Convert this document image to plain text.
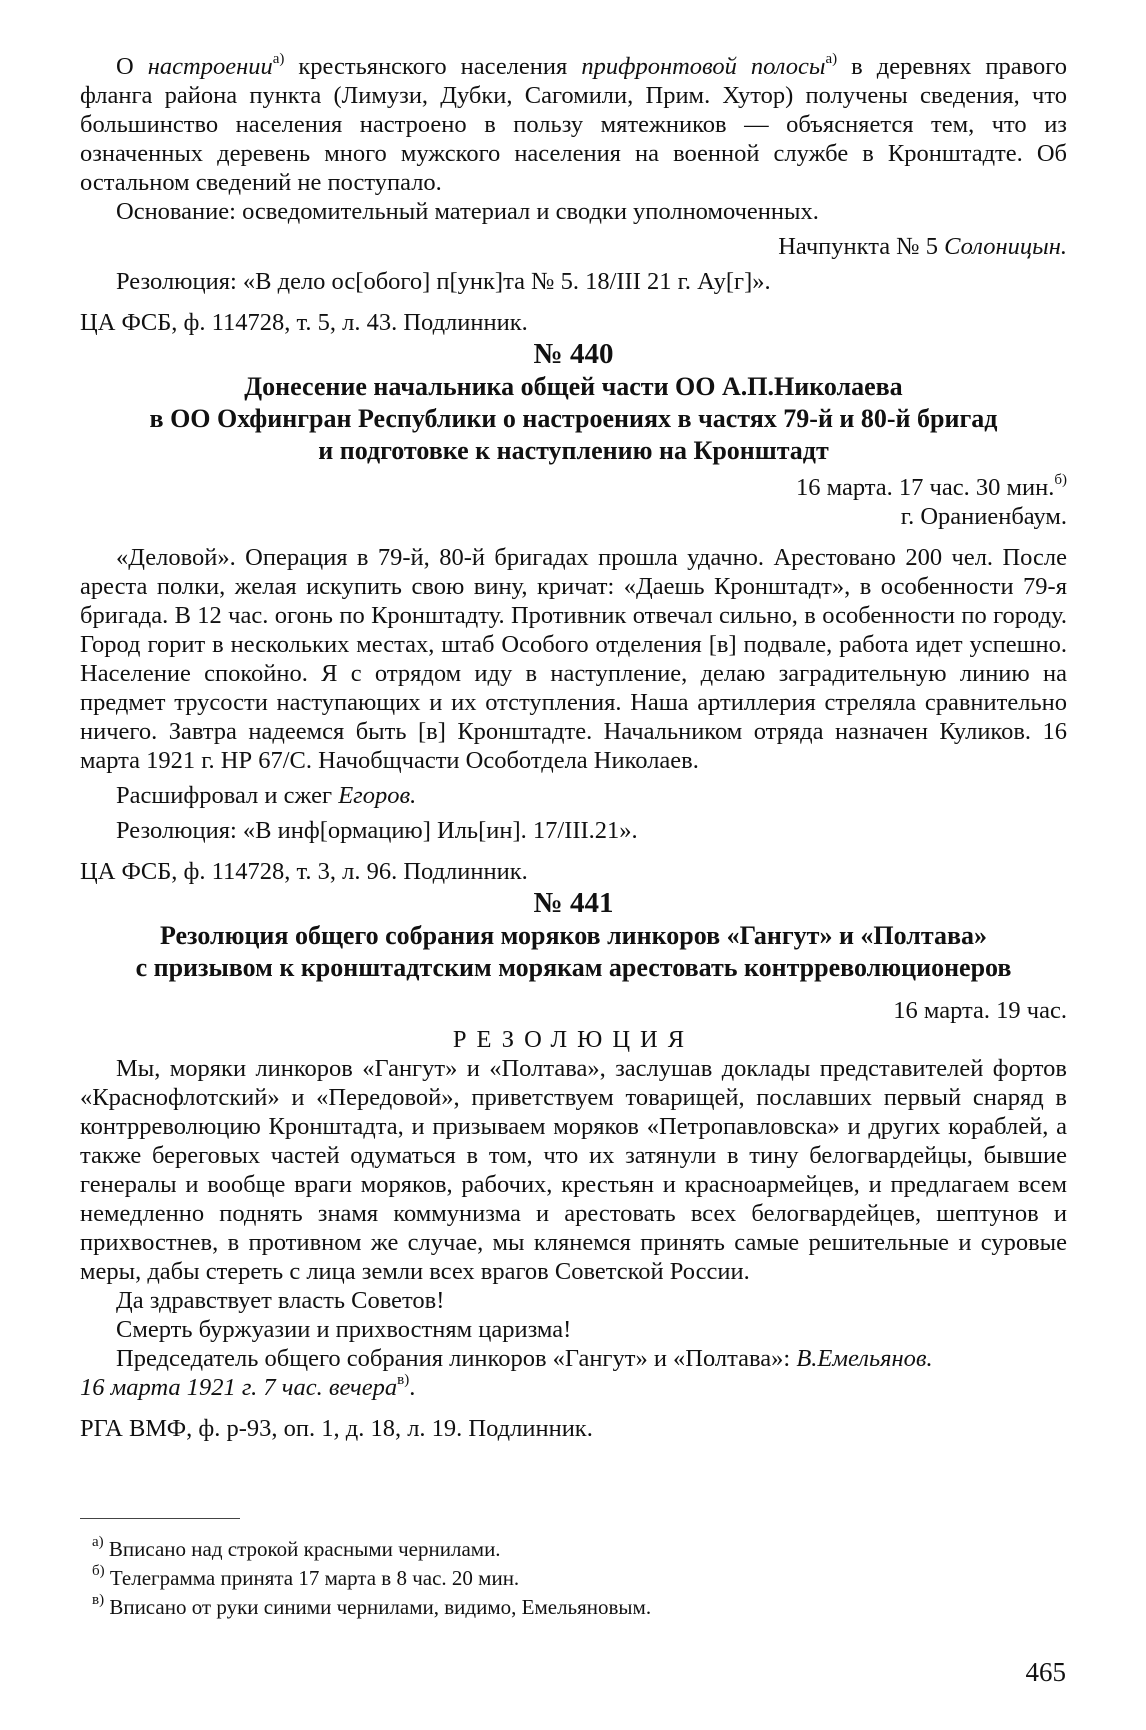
О настроении$^{а)}$ крестьянского населения прифронтовой полосы$^{а)}$ в деревнях правого фланга района пункта (Лимузи, Дубки, Сагомили, Прим. Хутор) получены сведения, что большинство населения настроено в пользу мятежников — объясняется тем, что из означенных деревень много мужского населения на военной службе в Кронштадте. Об остальном сведений не поступало.

Основание: осведомительный материал и сводки уполномоченных.

Начпункта № 5 Солоницын.

Резолюция: «В дело ос[обого] п[унк]та № 5. 18/III 21 г. Ау[г]».

ЦА ФСБ, ф. 114728, т. 5, л. 43. Подлинник.

№ 440

Донесение начальника общей части ОО А.П.Николаева

в ОО Охфингран Республики о настроениях в частях 79-й и 80-й бригад

и подготовке к наступлению на Кронштадт

16 марта. 17 час. 30 мин.$^{б)}$

г. Ораниенбаум.

«Деловой». Операция в 79-й, 80-й бригадах прошла удачно. Арестовано 200 чел. После ареста полки, желая искупить свою вину, кричат: «Даешь Кронштадт», в особенности 79-я бригада. В 12 час. огонь по Кронштадту. Противник отвечал сильно, в особенности по городу. Город горит в нескольких местах, штаб Особого отделения [в] подвале, работа идет успешно. Население спокойно. Я с отрядом иду в наступление, делаю заградительную линию на предмет трусости наступающих и их отступления. Наша артиллерия стреляла сравнительно ничего. Завтра надеемся быть [в] Кронштадте. Начальником отряда назначен Куликов. 16 марта 1921 г. НР 67/С. Начобщчасти Особотдела Николаев.

Расшифровал и сжег Егоров.

Резолюция: «В инф[ормацию] Иль[ин]. 17/III.21».

ЦА ФСБ, ф. 114728, т. 3, л. 96. Подлинник.

№ 441

Резолюция общего собрания моряков линкоров «Гангут» и «Полтава»

с призывом к кронштадтским морякам арестовать контрреволюционеров

16 марта. 19 час.

РЕЗОЛЮЦИЯ

Мы, моряки линкоров «Гангут» и «Полтава», заслушав доклады представителей фортов «Краснофлотский» и «Передовой», приветствуем товарищей, пославших первый снаряд в контрреволюцию Кронштадта, и призываем моряков «Петропавловска» и других кораблей, а также береговых частей одуматься в том, что их затянули в тину белогвардейцы, бывшие генералы и вообще враги моряков, рабочих, крестьян и красноармейцев, и предлагаем всем немедленно поднять знамя коммунизма и арестовать всех белогвардейцев, шептунов и прихвостнев, в противном же случае, мы клянемся принять самые решительные и суровые меры, дабы стереть с лица земли всех врагов Советской России.

Да здравствует власть Советов!

Смерть буржуазии и прихвостням царизма!

Председатель общего собрания линкоров «Гангут» и «Полтава»: В.Емельянов.

16 марта 1921 г. 7 час. вечера$^{в)}$.

РГА ВМФ, ф. р-93, оп. 1, д. 18, л. 19. Подлинник.

$^{а)}$ Вписано над строкой красными чернилами.

$^{б)}$ Телеграмма принята 17 марта в 8 час. 20 мин.

$^{в)}$ Вписано от руки синими чернилами, видимо, Емельяновым.

465
